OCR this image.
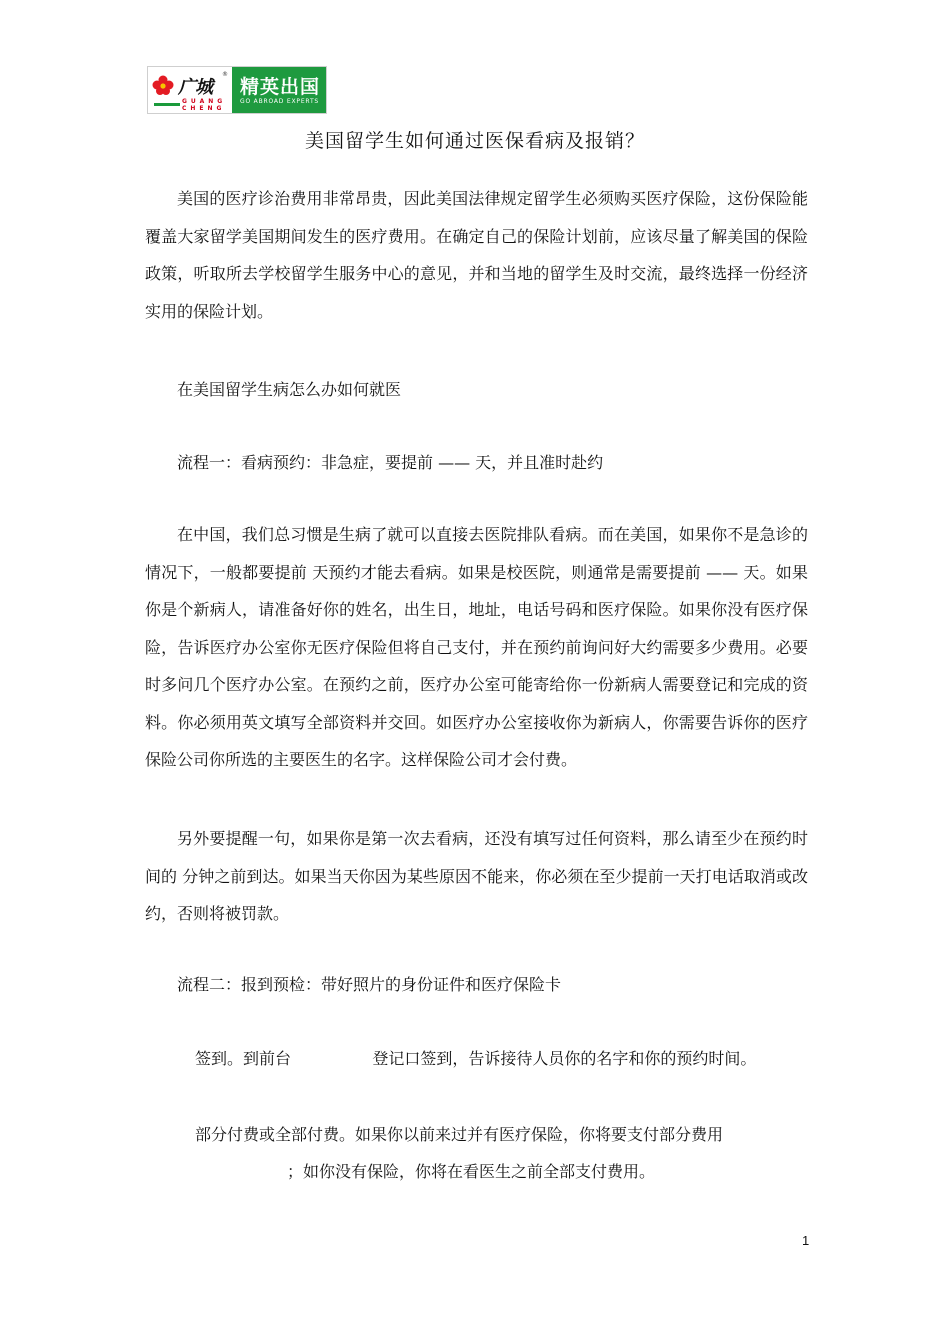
广城
®
GUANG CHENG
精英出国
GO ABROAD EXPERTS
美国留学生如何通过医保看病及报销？

美国的医疗诊治费用非常昂贵，因此美国法律规定留学生必须购买医疗保险，这份保险能覆盖大家留学美国期间发生的医疗费用。在确定自己的保险计划前，应该尽量了解美国的保险政策，听取所去学校留学生服务中心的意见，并和当地的留学生及时交流，最终选择一份经济实用的保险计划。

在美国留学生病怎么办如何就医

流程一：看病预约：非急症，要提前 —— 天，并且准时赴约

在中国，我们总习惯是生病了就可以直接去医院排队看病。而在美国，如果你不是急诊的情况下，一般都要提前 天预约才能去看病。如果是校医院，则通常是需要提前 —— 天。如果你是个新病人，请准备好你的姓名，出生日，地址，电话号码和医疗保险。如果你没有医疗保险，告诉医疗办公室你无医疗保险但将自己支付，并在预约前询问好大约需要多少费用。必要时多问几个医疗办公室。在预约之前，医疗办公室可能寄给你一份新病人需要登记和完成的资料。你必须用英文填写全部资料并交回。如医疗办公室接收你为新病人，你需要告诉你的医疗保险公司你所选的主要医生的名字。这样保险公司才会付费。

另外要提醒一句，如果你是第一次去看病，还没有填写过任何资料，那么请至少在预约时间的 分钟之前到达。如果当天你因为某些原因不能来，你必须在至少提前一天打电话取消或改约，否则将被罚款。

流程二：报到预检：带好照片的身份证件和医疗保险卡

签到。到前台                登记口签到，告诉接待人员你的名字和你的预约时间。

部分付费或全部付费。如果你以前来过并有医疗保险，你将要支付部分费用

；如你没有保险，你将在看医生之前全部支付费用。

1
